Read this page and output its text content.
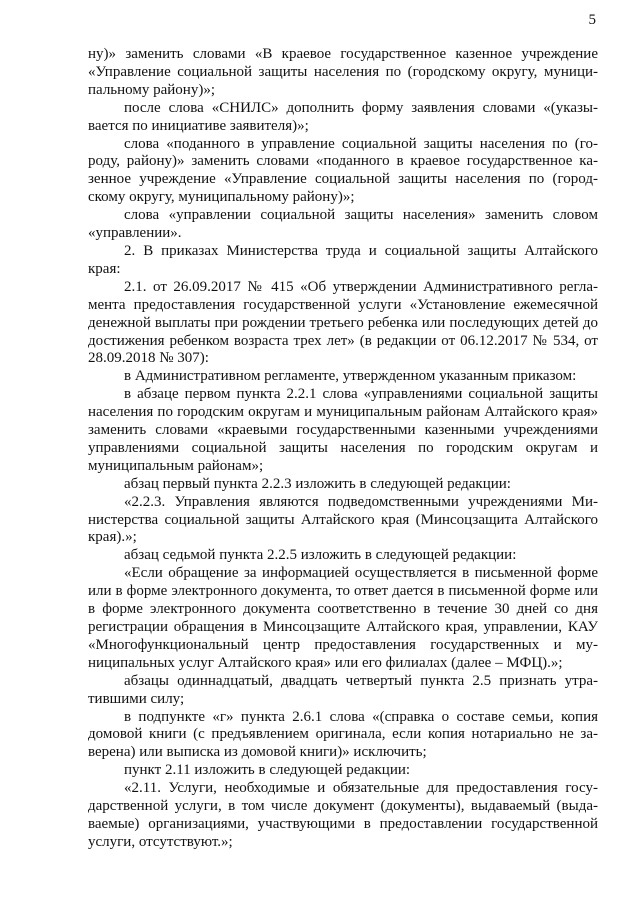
5

ну)» заменить словами «В краевое государственное казенное учреждение «Управление социальной защиты населения по (городскому округу, муниципальному району)»;

после слова «СНИЛС» дополнить форму заявления словами «(указывается по инициативе заявителя)»;

слова «поданного в управление социальной защиты населения по (городу, району)» заменить словами «поданного в краевое государственное казенное учреждение «Управление социальной защиты населения по (городскому округу, муниципальному району)»;

слова «управлении социальной защиты населения» заменить словом «управлении».

2. В приказах Министерства труда и социальной защиты Алтайского края:

2.1. от 26.09.2017 № 415 «Об утверждении Административного регламента предоставления государственной услуги «Установление ежемесячной денежной выплаты при рождении третьего ребенка или последующих детей до достижения ребенком возраста трех лет» (в редакции от 06.12.2017 № 534, от 28.09.2018 № 307):

в Административном регламенте, утвержденном указанным приказом:

в абзаце первом пункта 2.2.1 слова «управлениями социальной защиты населения по городским округам и муниципальным районам Алтайского края» заменить словами «краевыми государственными казенными учреждениями управлениями социальной защиты населения по городским округам и муниципальным районам»;

абзац первый пункта 2.2.3 изложить в следующей редакции:

«2.2.3. Управления являются подведомственными учреждениями Министерства социальной защиты Алтайского края (Минсоцзащита Алтайского края).»;

абзац седьмой пункта 2.2.5 изложить в следующей редакции:

«Если обращение за информацией осуществляется в письменной форме или в форме электронного документа, то ответ дается в письменной форме или в форме электронного документа соответственно в течение 30 дней со дня регистрации обращения в Минсоцзащите Алтайского края, управлении, КАУ «Многофункциональный центр предоставления государственных и муниципальных услуг Алтайского края» или его филиалах (далее – МФЦ).»;

абзацы одиннадцатый, двадцать четвертый пункта 2.5 признать утратившими силу;

в подпункте «г» пункта 2.6.1 слова «(справка о составе семьи, копия домовой книги (с предъявлением оригинала, если копия нотариально не заверена) или выписка из домовой книги)» исключить;

пункт 2.11 изложить в следующей редакции:

«2.11. Услуги, необходимые и обязательные для предоставления государственной услуги, в том числе документ (документы), выдаваемый (выдаваемые) организациями, участвующими в предоставлении государственной услуги, отсутствуют.»;
